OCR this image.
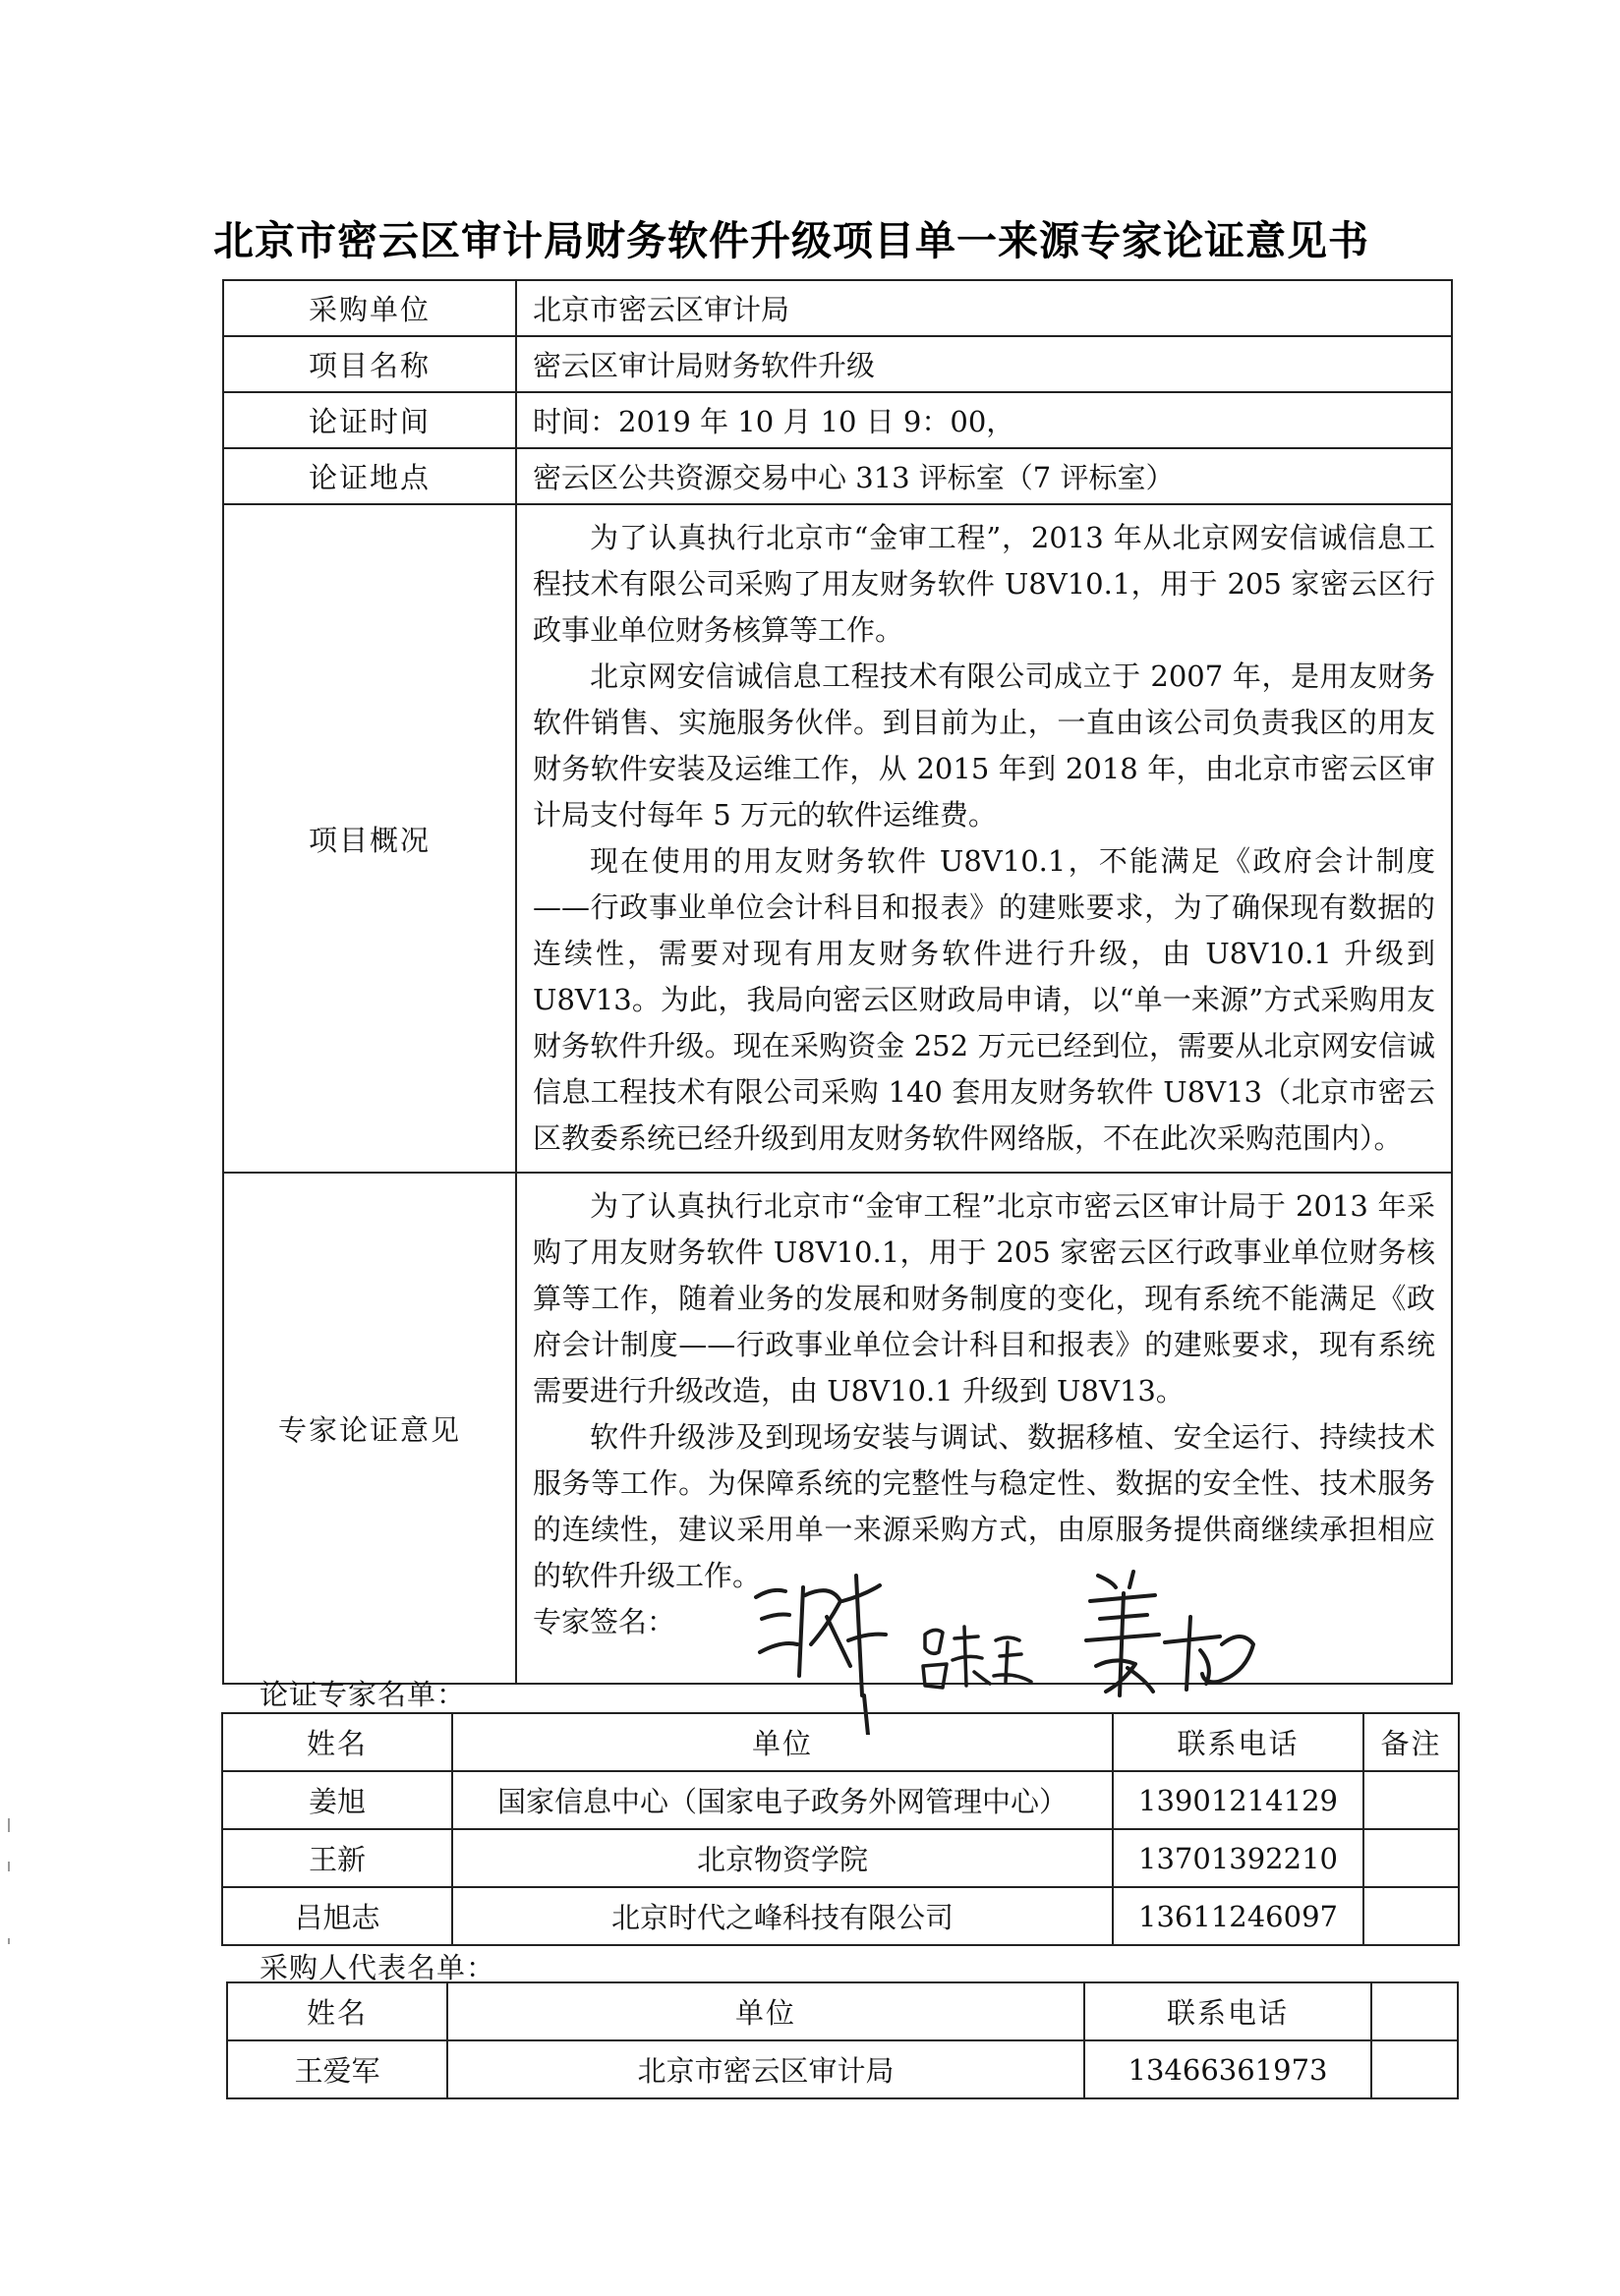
北京市密云区审计局财务软件升级项目单一来源专家论证意见书
采购单位	北京市密云区审计局
项目名称	密云区审计局财务软件升级
论证时间	时间：2019 年 10 月 10 日 9：00，
论证地点	密云区公共资源交易中心 313 评标室（7 评标室）
项目概况	为了认真执行北京市“金审工程”，2013 年从北京网安信诚信息工程技术有限公司采购了用友财务软件 U8V10.1，用于 205 家密云区行政事业单位财务核算等工作。

北京网安信诚信息工程技术有限公司成立于 2007 年，是用友财务软件销售、实施服务伙伴。到目前为止，一直由该公司负责我区的用友财务软件安装及运维工作，从 2015 年到 2018 年，由北京市密云区审计局支付每年 5 万元的软件运维费。

现在使用的用友财务软件 U8V10.1，不能满足《政府会计制度——行政事业单位会计科目和报表》的建账要求，为了确保现有数据的连续性，需要对现有用友财务软件进行升级，由 U8V10.1 升级到 U8V13。为此，我局向密云区财政局申请，以“单一来源”方式采购用友财务软件升级。现在采购资金 252 万元已经到位，需要从北京网安信诚信息工程技术有限公司采购 140 套用友财务软件 U8V13（北京市密云区教委系统已经升级到用友财务软件网络版，不在此次采购范围内）。

专家论证意见	为了认真执行北京市“金审工程”北京市密云区审计局于 2013 年采购了用友财务软件 U8V10.1，用于 205 家密云区行政事业单位财务核算等工作，随着业务的发展和财务制度的变化，现有系统不能满足《政府会计制度——行政事业单位会计科目和报表》的建账要求，现有系统需要进行升级改造，由 U8V10.1 升级到 U8V13。

软件升级涉及到现场安装与调试、数据移植、安全运行、持续技术服务等工作。为保障系统的完整性与稳定性、数据的安全性、技术服务的连续性，建议采用单一来源采购方式，由原服务提供商继续承担相应的软件升级工作。

专家签名：

论证专家名单：

姓名	单位	联系电话	备注
姜旭	国家信息中心（国家电子政务外网管理中心）	13901214129	
王新	北京物资学院	13701392210	
吕旭志	北京时代之峰科技有限公司	13611246097	

采购人代表名单：

姓名	单位	联系电话	
王爱军	北京市密云区审计局	13466361973	
